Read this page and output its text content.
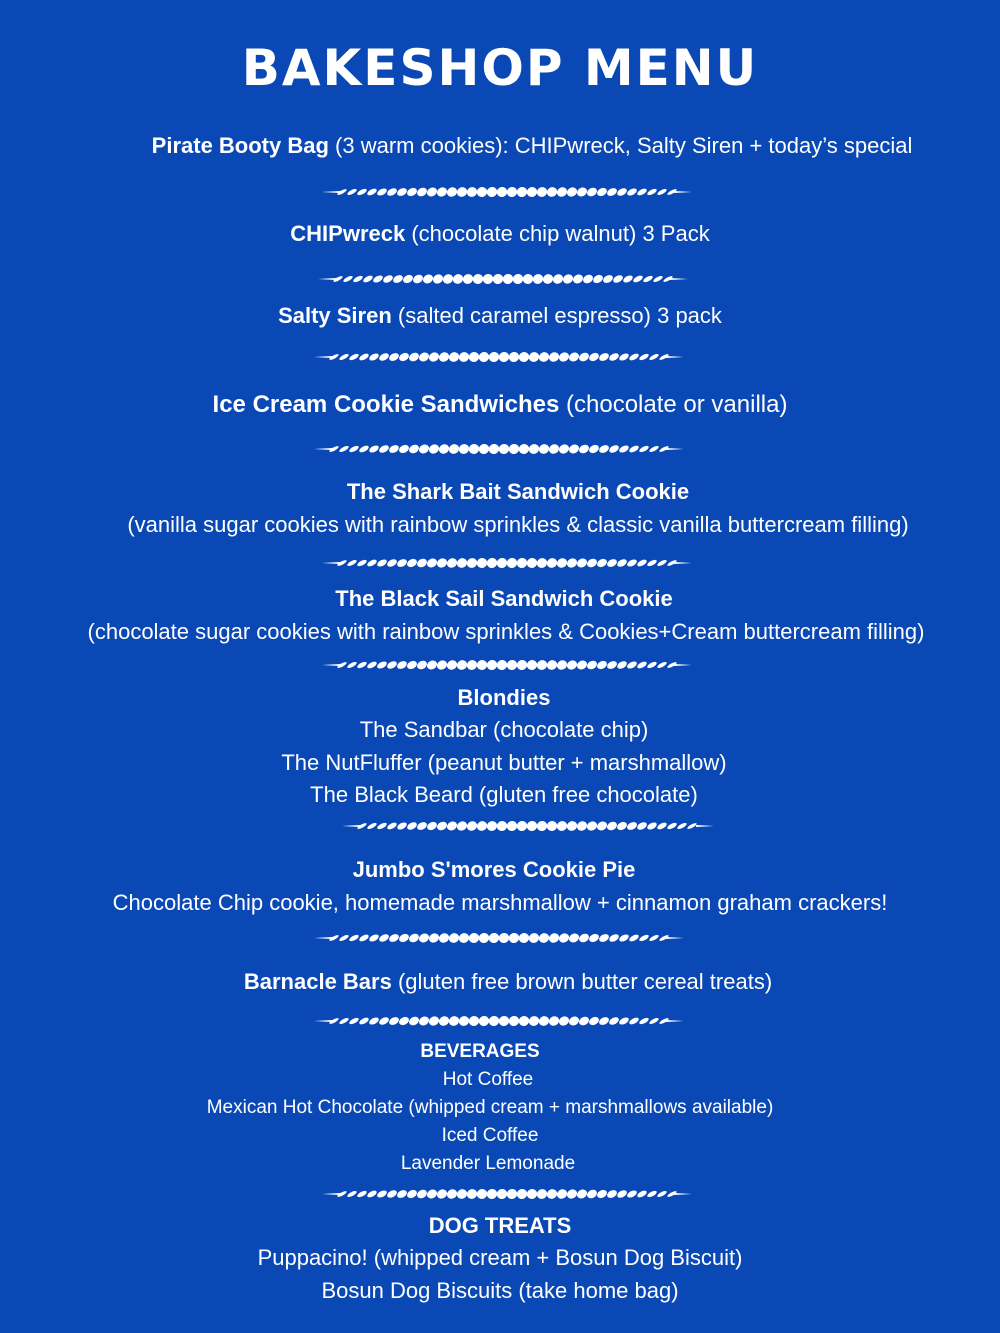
BAKESHOP MENU
Pirate Booty Bag (3 warm cookies): CHIPwreck, Salty Siren + today’s special
CHIPwreck (chocolate chip walnut) 3 Pack
Salty Siren (salted caramel espresso) 3 pack
Ice Cream Cookie Sandwiches (chocolate or vanilla)
The Shark Bait Sandwich Cookie
(vanilla sugar cookies with rainbow sprinkles & classic vanilla buttercream filling)
The Black Sail Sandwich Cookie
(chocolate sugar cookies with rainbow sprinkles & Cookies+Cream buttercream filling)
Blondies
The Sandbar (chocolate chip)
The NutFluffer (peanut butter + marshmallow)
The Black Beard (gluten free chocolate)
Jumbo S'mores Cookie Pie
Chocolate Chip cookie, homemade marshmallow + cinnamon graham crackers!
Barnacle Bars (gluten free brown butter cereal treats)
BEVERAGES
Hot Coffee
Mexican Hot Chocolate (whipped cream + marshmallows available)
Iced Coffee
Lavender Lemonade
DOG TREATS
Puppacino! (whipped cream + Bosun Dog Biscuit)
Bosun Dog Biscuits (take home bag)
